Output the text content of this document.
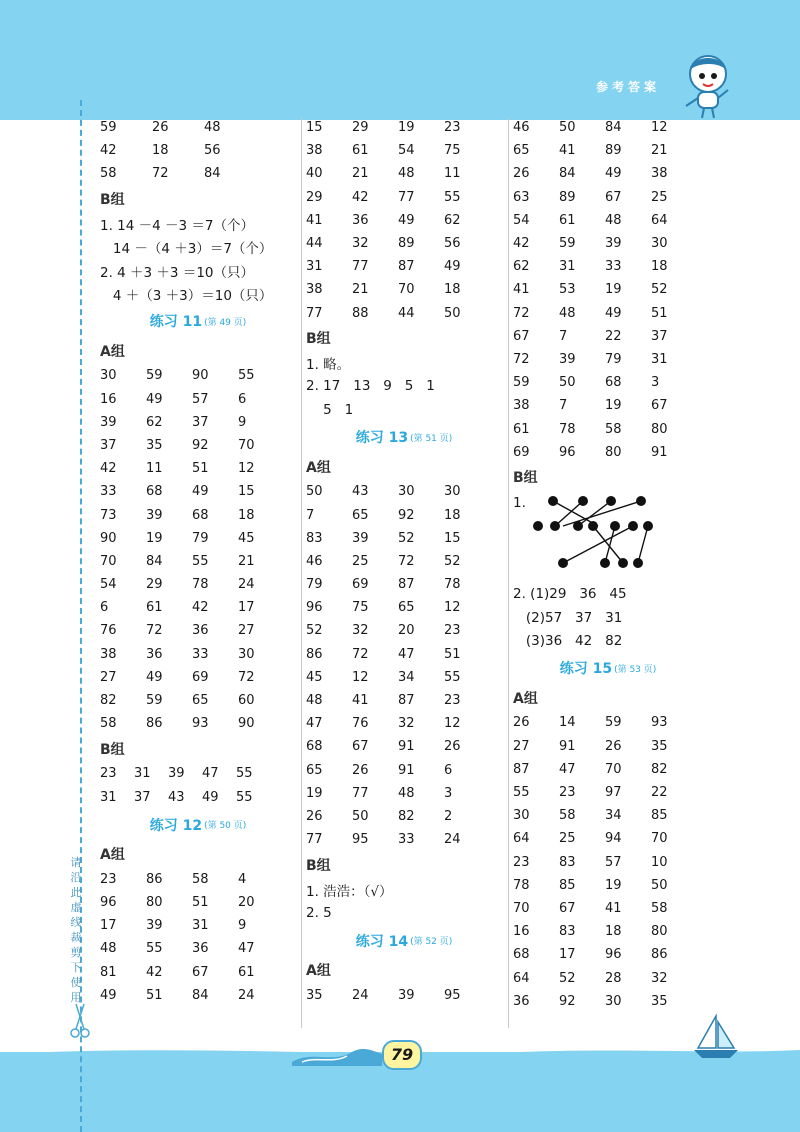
请沿此虚线裁剪下使用
参考答案
59	26	48
42	18	56
58	72	84
B组
1. 14 －4 －3 ＝7（个）
14 －（4 ＋3）＝7（个）
2. 4 ＋3 ＋3 ＝10（只）
4 ＋（3 ＋3）＝10（只）
练习 11 (第 49 页)
A组
30	59	90	55
16	49	57	6
39	62	37	9
37	35	92	70
42	11	51	12
33	68	49	15
73	39	68	18
90	19	79	45
70	84	55	21
54	29	78	24
6	61	42	17
76	72	36	27
38	36	33	30
27	49	69	72
82	59	65	60
58	86	93	90
B组
23	31	39	47	55
31	37	43	49	55
练习 12 (第 50 页)
A组
23	86	58	4
96	80	51	20
17	39	31	9
48	55	36	47
81	42	67	61
49	51	84	24
15	29	19	23
38	61	54	75
40	21	48	11
29	42	77	55
41	36	49	62
44	32	89	56
31	77	87	49
38	21	70	18
77	88	44	50
B组
1. 略。
2. 17   13   9   5   1
5   1
练习 13 (第 51 页)
A组
50	43	30	30
7	65	92	18
83	39	52	15
46	25	72	52
79	69	87	78
96	75	65	12
52	32	20	23
86	72	47	51
45	12	34	55
48	41	87	23
47	76	32	12
68	67	91	26
65	26	91	6
19	77	48	3
26	50	82	2
77	95	33	24
B组
1. 浩浩：（√）
2. 5
练习 14 (第 52 页)
A组
35	24	39	95
46	50	84	12
65	41	89	21
26	84	49	38
63	89	67	25
54	61	48	64
42	59	39	30
62	31	33	18
41	53	19	52
72	48	49	51
67	7	22	37
72	39	79	31
59	50	68	3
38	7	19	67
61	78	58	80
69	96	80	91
B组
1.
2. (1)29   36   45
(2)57   37   31
(3)36   42   82
练习 15 (第 53 页)
A组
26	14	59	93
27	91	26	35
87	47	70	82
55	23	97	22
30	58	34	85
64	25	94	70
23	83	57	10
78	85	19	50
70	67	41	58
16	83	18	80
68	17	96	86
64	52	28	32
36	92	30	35
79
